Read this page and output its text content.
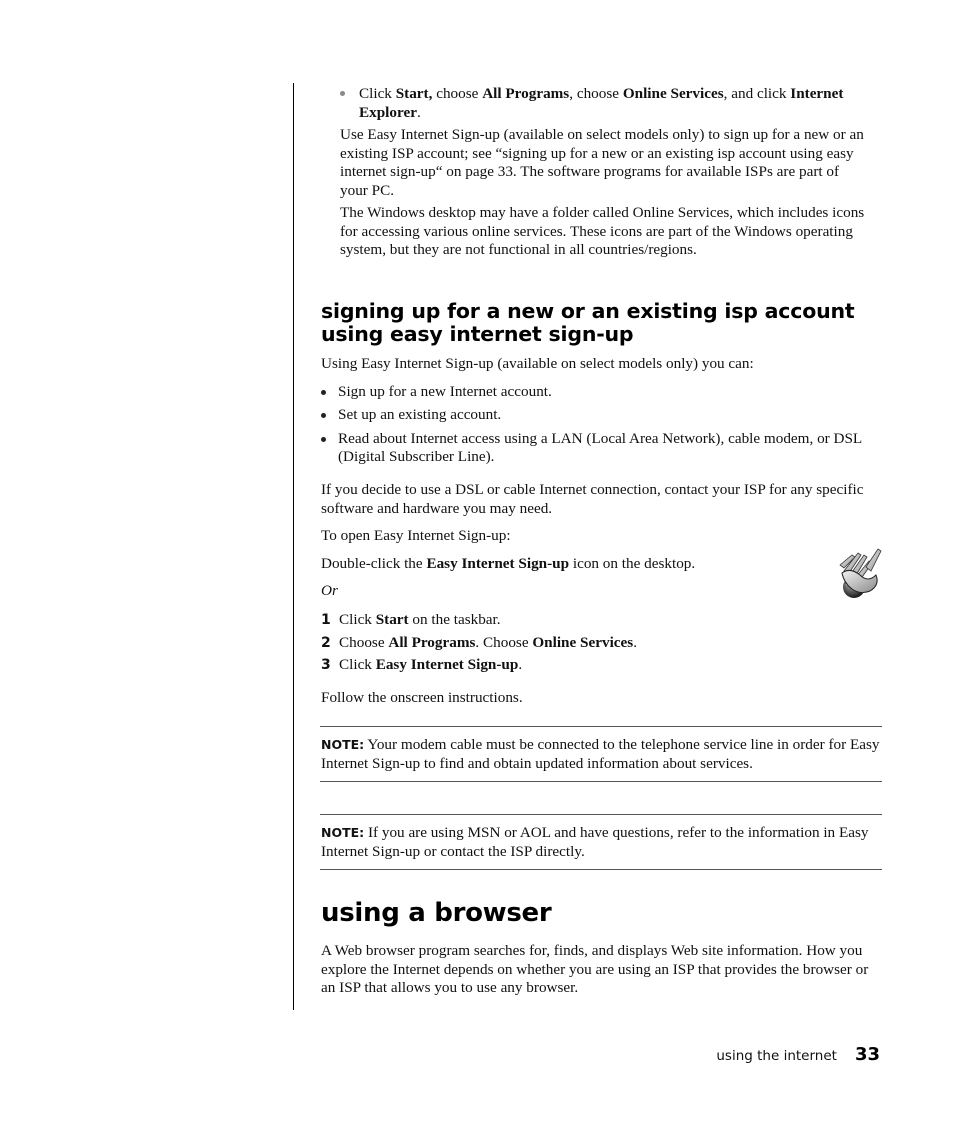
Click Start, choose All Programs, choose Online Services, and click Internet Explorer.

Use Easy Internet Sign-up (available on select models only) to sign up for a new or an existing ISP account; see “signing up for a new or an existing isp account using easy internet sign-up“ on page 33. The software programs for available ISPs are part of your PC.

The Windows desktop may have a folder called Online Services, which includes icons for accessing various online services. These icons are part of the Windows operating system, but they are not functional in all countries/regions.

signing up for a new or an existing isp account
using easy internet sign-up

Using Easy Internet Sign-up (available on select models only) you can:

Sign up for a new Internet account.
Set up an existing account.
Read about Internet access using a LAN (Local Area Network), cable modem, or DSL (Digital Subscriber Line).

If you decide to use a DSL or cable Internet connection, contact your ISP for any specific software and hardware you may need.

To open Easy Internet Sign-up:

Double-click the Easy Internet Sign-up icon on the desktop.

Or

1 Click Start on the taskbar.
2 Choose All Programs. Choose Online Services.
3 Click Easy Internet Sign-up.

Follow the onscreen instructions.

NOTE: Your modem cable must be connected to the telephone service line in order for Easy Internet Sign-up to find and obtain updated information about services.

NOTE: If you are using MSN or AOL and have questions, refer to the information in Easy Internet Sign-up or contact the ISP directly.

using a browser

A Web browser program searches for, finds, and displays Web site information. How you explore the Internet depends on whether you are using an ISP that provides the browser or an ISP that allows you to use any browser.

using the internet 33
